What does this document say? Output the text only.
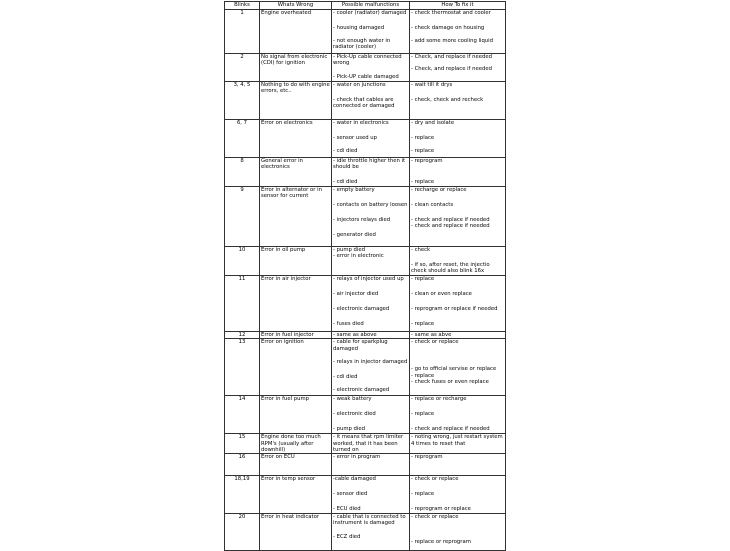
Blinks	Whats Wrong	Possible malfunctions	How To fix it
1	Engine overheated	- cooler (radiator) damaged
- housing damaged
- not enough water in
radiator (cooler)	- check thermostat and cooler
- check damage on housing
- add some more cooling liquid

2	No signal from electronic
(CDI) for ignition	- Pick-Up cable connected
wrong
- Pick-UP cable damaged	- Check, and replace if needed
- Check, and replace if needed

3, 4, 5	Nothing to do with engine
errors, etc..	- water on junctions
- check that cables are
connected or damaged	- wait till it drys
- check, check and recheck

6, 7	Error on electronics	- water in electronics
- sensor used up
- cdi died	- dry and isolate
- replace
- replace

8	General error in
electronics	- idle throttle higher then it
should be
- cdi died	- reprogram
- replace

9	Error in alternator or in
sensor for current	- empty battery
- contacts on battery loosen
- injectors relays died
- generator died	- recharge or replace
- clean contacts
- check and replace if needed
- check and replace if needed

10	Error in oil pump	- pump died
- error in electronic	- check
- if so, after reset, the injectio
check should also blink 16x

11	Error in air injector	- relays of injector used up
- air injector died
- electronic damaged
- fuses died	- replace
- clean or even replace
- reprogram or replace if needed
- replace

12	Error in fuel injector	- same as above	- same as abve

13	Error on ignition	- cable for sparkplug
damaged
- relays in injector damaged
- cdi died
- electronic damaged	- check or replace
- go to official servise or replace
- replace
- check fuses or even replace

14	Error in fuel pump	- weak battery
- electronic died
- pump died	- replace or recharge
- replace
- check and replace if needed

15	Engine done too much
RPM's (usually after
downhill)	- it means that rpm limiter
worked, that it has been
turned on	- noting wrong, just restart system
4 times to reset that

16	Error on ECU	- error in program	- reprogram

18,19	Error in temp sensor	-cable damaged
- sensor died
- ECU died	- check or replace
- replace
- reprogram or replace

20	Error in heat indicator	- cable that is connected to
instrument is damaged
- ECZ died	- check or replace
- replace or reprogram
